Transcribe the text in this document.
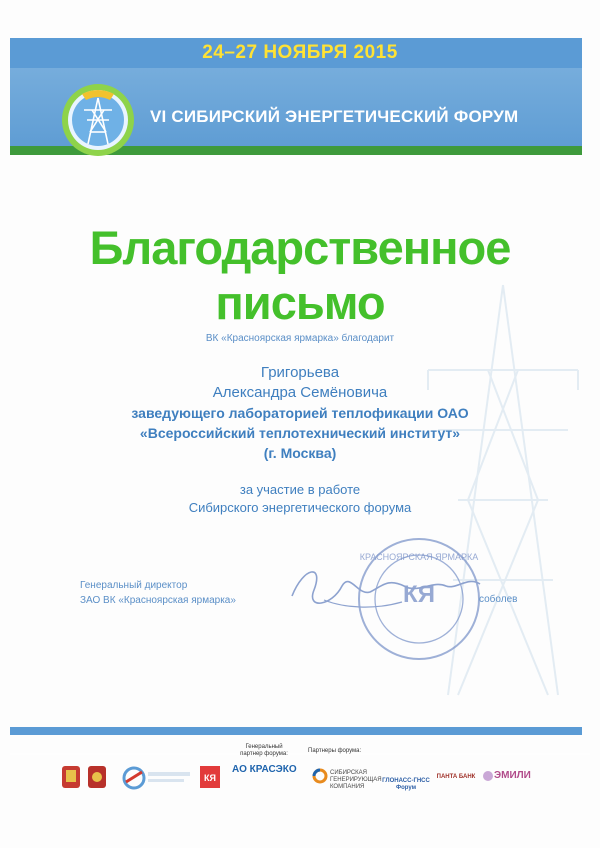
24–27 НОЯБРЯ 2015
VI СИБИРСКИЙ ЭНЕРГЕТИЧЕСКИЙ ФОРУМ
Благодарственное
письмо
ВК «Красноярская ярмарка» благодарит
Григорьева
Александра Семёновича
заведующего лабораторией теплофикации ОАО
«Всероссийский теплотехнический институт»
(г. Москва)
за участие в работе
Сибирского энергетического форума
Генеральный директор
ЗАО ВК «Красноярская ярмарка»	КЯ
КРАСНОЯРСКАЯ ЯРМАРКА
соболев
КЯ
Генеральный партнер форума:
АО КРАСЭКО
Партнеры форума:
СИБИРСКАЯ ГЕНЕРИРУЮЩАЯ КОМПАНИЯ
ГЛОНАСС-ГНСС Форум
ПАНТА БАНК ЭМИЛИ
